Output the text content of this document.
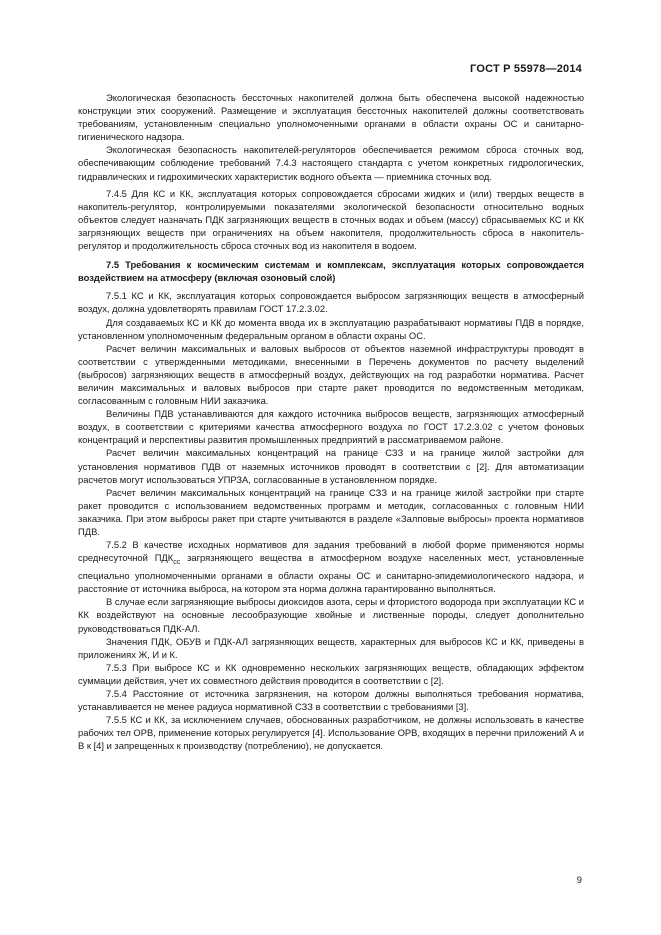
ГОСТ Р 55978—2014

Экологическая безопасность бессточных накопителей должна быть обеспечена высокой надежностью конструкции этих сооружений. Размещение и эксплуатация бессточных накопителей должны соответствовать требованиям, установленным специально уполномоченными органами в области охраны ОС и санитарно-гигиенического надзора.

Экологическая безопасность накопителей-регуляторов обеспечивается режимом сброса сточных вод, обеспечивающим соблюдение требований 7.4.3 настоящего стандарта с учетом конкретных гидрологических, гидравлических и гидрохимических характеристик водного объекта — приемника сточных вод.

7.4.5 Для КС и КК, эксплуатация которых сопровождается сбросами жидких и (или) твердых веществ в накопитель-регулятор, контролируемыми показателями экологической безопасности относительно водных объектов следует назначать ПДК загрязняющих веществ в сточных водах и объем (массу) сбрасываемых КС и КК загрязняющих веществ при ограничениях на объем накопителя, продолжительность сброса в накопитель-регулятор и продолжительность сброса сточных вод из накопителя в водоем.

7.5 Требования к космическим системам и комплексам, эксплуатация которых сопровождается воздействием на атмосферу (включая озоновый слой)

7.5.1 КС и КК, эксплуатация которых сопровождается выбросом загрязняющих веществ в атмосферный воздух, должна удовлетворять правилам ГОСТ 17.2.3.02.

Для создаваемых КС и КК до момента ввода их в эксплуатацию разрабатывают нормативы ПДВ в порядке, установленном уполномоченным федеральным органом в области охраны ОС.

Расчет величин максимальных и валовых выбросов от объектов наземной инфраструктуры проводят в соответствии с утвержденными методиками, внесенными в Перечень документов по расчету выделений (выбросов) загрязняющих веществ в атмосферный воздух, действующих на год разработки норматива. Расчет величин максимальных и валовых выбросов при старте ракет проводится по ведомственным методикам, согласованным с головным НИИ заказчика.

Величины ПДВ устанавливаются для каждого источника выбросов веществ, загрязняющих атмосферный воздух, в соответствии с критериями качества атмосферного воздуха по ГОСТ 17.2.3.02 с учетом фоновых концентраций и перспективы развития промышленных предприятий в рассматриваемом районе.

Расчет величин максимальных концентраций на границе СЗЗ и на границе жилой застройки для установления нормативов ПДВ от наземных источников проводят в соответствии с [2]. Для автоматизации расчетов могут использоваться УПРЗА, согласованные в установленном порядке.

Расчет величин максимальных концентраций на границе СЗЗ и на границе жилой застройки при старте ракет проводится с использованием ведомственных программ и методик, согласованных с головным НИИ заказчика. При этом выбросы ракет при старте учитываются в разделе «Залповые выбросы» проекта нормативов ПДВ.

7.5.2 В качестве исходных нормативов для задания требований в любой форме применяются нормы среднесуточной $ПДК_{сс}$ загрязняющего вещества в атмосферном воздухе населенных мест, установленные специально уполномоченными органами в области охраны ОС и санитарно-эпидемиологического надзора, и расстояние от источника выброса, на котором эта норма должна гарантированно выполняться.

В случае если загрязняющие выбросы диоксидов азота, серы и фтористого водорода при эксплуатации КС и КК воздействуют на основные лесообразующие хвойные и лиственные породы, следует дополнительно руководствоваться ПДК-АЛ.

Значения ПДК, ОБУВ и ПДК-АЛ загрязняющих веществ, характерных для выбросов КС и КК, приведены в приложениях Ж, И и К.

7.5.3 При выбросе КС и КК одновременно нескольких загрязняющих веществ, обладающих эффектом суммации действия, учет их совместного действия проводится в соответствии с [2].

7.5.4 Расстояние от источника загрязнения, на котором должны выполняться требования норматива, устанавливается не менее радиуса нормативной СЗЗ в соответствии с требованиями [3].

7.5.5 КС и КК, за исключением случаев, обоснованных разработчиком, не должны использовать в качестве рабочих тел ОРВ, применение которых регулируется [4]. Использование ОРВ, входящих в перечни приложений А и В к [4] и запрещенных к производству (потреблению), не допускается.

9
